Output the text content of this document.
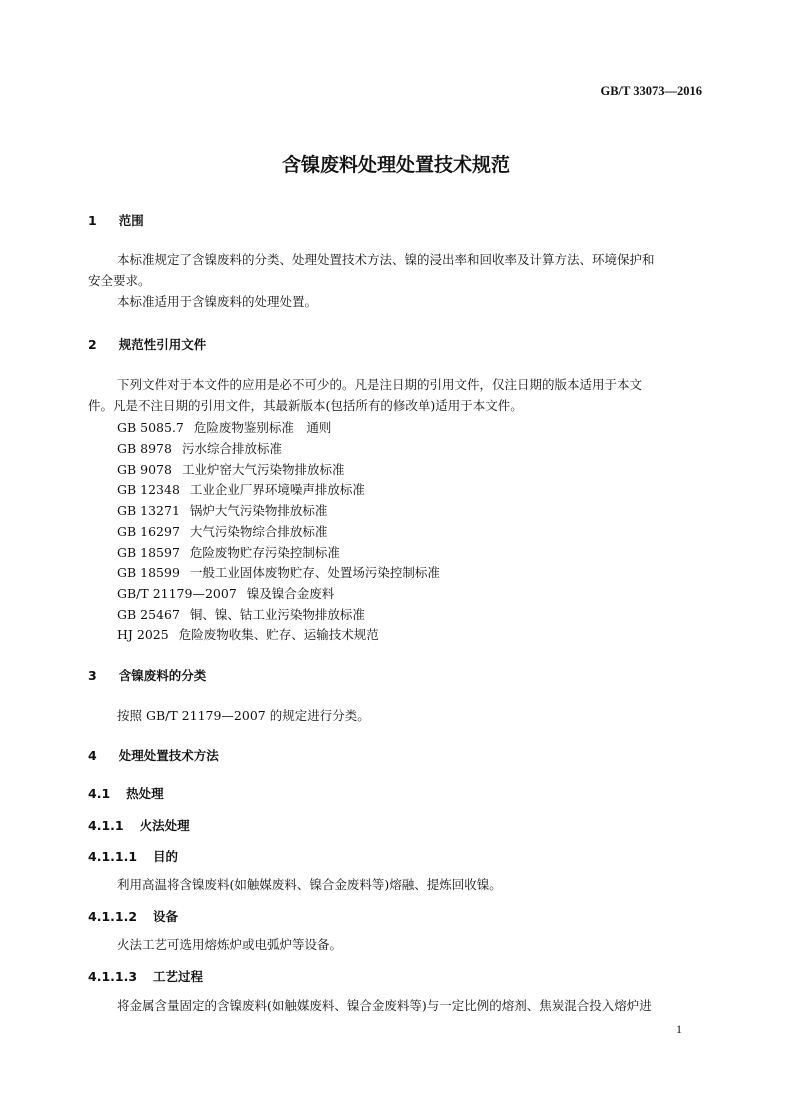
GB/T 33073—2016
含镍废料处理处置技术规范
1 范围
本标准规定了含镍废料的分类、处理处置技术方法、镍的浸出率和回收率及计算方法、环境保护和
安全要求。
本标准适用于含镍废料的处理处置。
2 规范性引用文件
下列文件对于本文件的应用是必不可少的。凡是注日期的引用文件，仅注日期的版本适用于本文
件。凡是不注日期的引用文件，其最新版本(包括所有的修改单)适用于本文件。
GB 5085.7 危险废物鉴别标准　通则
GB 8978 污水综合排放标准
GB 9078 工业炉窑大气污染物排放标准
GB 12348 工业企业厂界环境噪声排放标准
GB 13271 锅炉大气污染物排放标准
GB 16297 大气污染物综合排放标准
GB 18597 危险废物贮存污染控制标准
GB 18599 一般工业固体废物贮存、处置场污染控制标准
GB/T 21179—2007 镍及镍合金废料
GB 25467 铜、镍、钴工业污染物排放标准
HJ 2025 危险废物收集、贮存、运输技术规范
3 含镍废料的分类
按照 GB/T 21179—2007 的规定进行分类。
4 处理处置技术方法
4.1 热处理
4.1.1 火法处理
4.1.1.1 目的
利用高温将含镍废料(如触媒废料、镍合金废料等)熔融、提炼回收镍。
4.1.1.2 设备
火法工艺可选用熔炼炉或电弧炉等设备。
4.1.1.3 工艺过程
将金属含量固定的含镍废料(如触媒废料、镍合金废料等)与一定比例的熔剂、焦炭混合投入熔炉进
1
